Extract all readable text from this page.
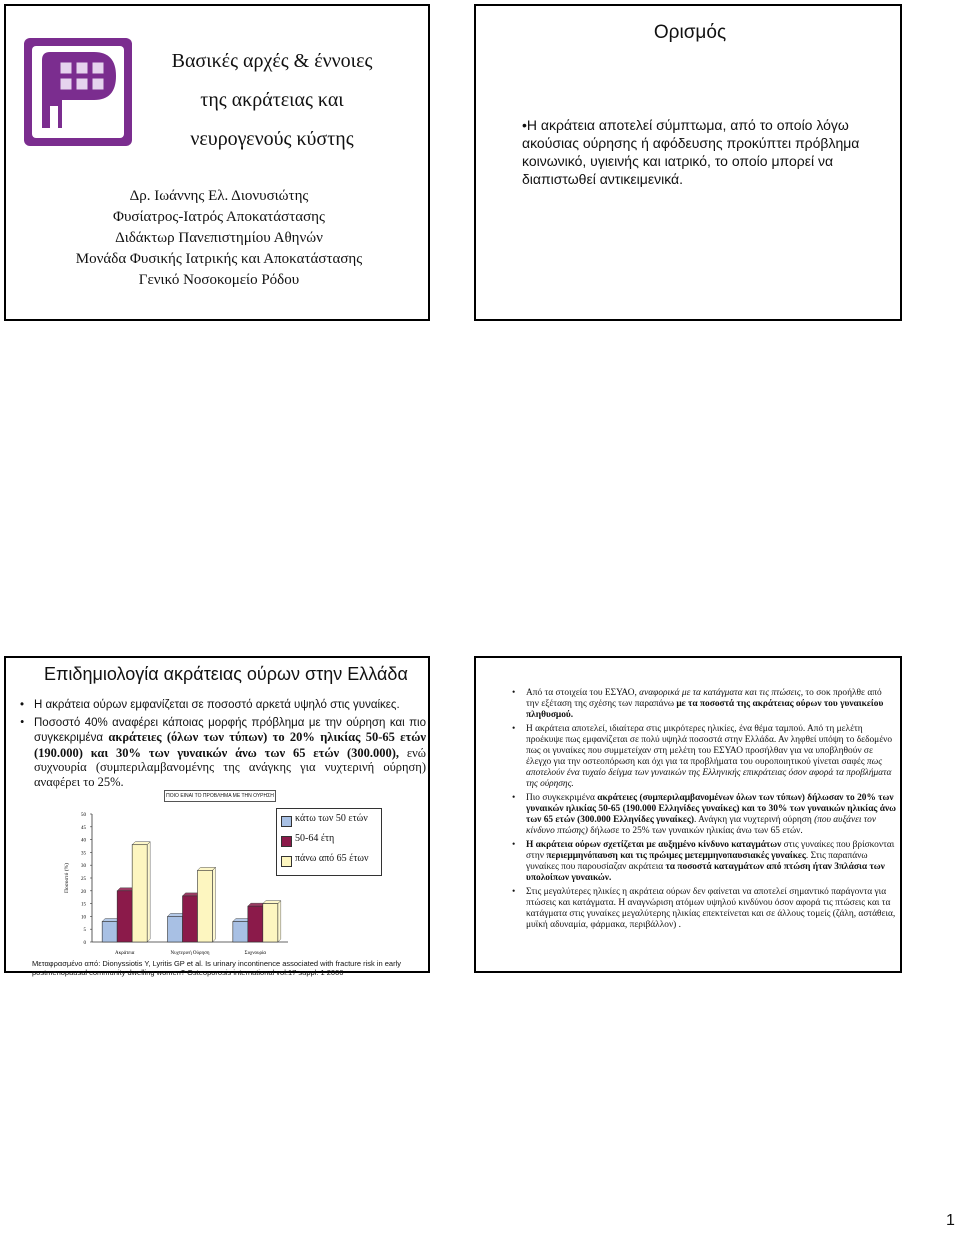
Βασικές αρχές & έννοιες
της ακράτειας και
νευρογενούς κύστης
Δρ. Ιωάννης Ελ. Διονυσιώτης
Φυσίατρος-Ιατρός Αποκατάστασης
Διδάκτωρ Πανεπιστημίου Αθηνών
Μονάδα Φυσικής Ιατρικής και Αποκατάστασης
Γενικό Νοσοκομείο Ρόδου
Ορισμός
•Η ακράτεια αποτελεί σύμπτωμα, από το οποίο λόγω ακούσιας ούρησης ή αφόδευσης προκύπτει πρόβλημα κοινωνικό, υγιεινής και ιατρικό, το οποίο μπορεί να διαπιστωθεί αντικειμενικά.
Επιδημιολογία ακράτειας ούρων στην Ελλάδα
• Η ακράτεια ούρων εμφανίζεται σε ποσοστό αρκετά υψηλό στις γυναίκες.
• Ποσοστό 40% αναφέρει κάποιας μορφής πρόβλημα με την ούρηση και πιο συγκεκριμένα ακράτειες (όλων των τύπων) το 20% ηλικίας 50-65 ετών (190.000) και 30% των γυναικών άνω των 65 ετών (300.000), ενώ συχνουρία (συμπεριλαμβανομένης της ανάγκης για νυχτερινή ούρηση) αναφέρει το 25%.
ΠΟΙΟ ΕΙΝΑΙ ΤΟ ΠΡΟΒΛΗΜΑ ΜΕ ΤΗΝ ΟΥΡΗΣΗ
0
5
10
15
20
25
30
35
40
45
50
Ποσοστό (%)
Ακράτεια	Νυχτερινή Ούρηση	Συχνουρία
κάτω των 50 ετών
50-64 έτη
πάνω από 65 έτων
Μεταφρασμένο από: Dionyssiotis Y, Lyritis GP et al. Is urinary incontinence associated with fracture risk in early postmenopausal community dwelling women? Osteoporosis international vol.17 suppl. 1 2006
• Από τα στοιχεία του ΕΣΥΑΟ, αναφορικά με τα κατάγματα και τις πτώσεις, το σοκ προήλθε από την εξέταση της σχέσης των παραπάνω με τα ποσοστά της ακράτειας ούρων του γυναικείου πληθυσμού.
• Η ακράτεια αποτελεί, ιδιαίτερα στις μικρότερες ηλικίες, ένα θέμα ταμπού. Από τη μελέτη προέκυψε πως εμφανίζεται σε πολύ υψηλά ποσοστά στην Ελλάδα. Αν ληφθεί υπόψη το δεδομένο πως οι γυναίκες που συμμετείχαν στη μελέτη του ΕΣΥΑΟ προσήλθαν για να υποβληθούν σε έλεγχο για την οστεοπόρωση και όχι για τα προβλήματα του ουροποιητικού γίνεται σαφές πως αποτελούν ένα τυχαίο δείγμα των γυναικών της Ελληνικής επικράτειας όσον αφορά τα προβλήματα της ούρησης.
• Πιο συγκεκριμένα ακράτειες (συμπεριλαμβανομένων όλων των τύπων) δήλωσαν το 20% των γυναικών ηλικίας 50-65 (190.000 Ελληνίδες γυναίκες) και το 30% των γυναικών ηλικίας άνω των 65 ετών (300.000 Ελληνίδες γυναίκες). Ανάγκη για νυχτερινή ούρηση (που αυξάνει τον κίνδυνο πτώσης) δήλωσε το 25% των γυναικών ηλικίας άνω των 65 ετών.
• Η ακράτεια ούρων σχετίζεται με αυξημένο κίνδυνο καταγμάτων στις γυναίκες που βρίσκονται στην περιεμμηνόπαυση και τις πρώιμες μετεμμηνοπαυσιακές γυναίκες. Στις παραπάνω γυναίκες που παρουσίαζαν ακράτεια τα ποσοστά καταγμάτων από πτώση ήταν 3πλάσια των υπολοίπων γυναικών.
• Στις μεγαλύτερες ηλικίες η ακράτεια ούρων δεν φαίνεται να αποτελεί σημαντικό παράγοντα για πτώσεις και κατάγματα. Η αναγνώριση ατόμων υψηλού κινδύνου όσον αφορά τις πτώσεις και τα κατάγματα στις γυναίκες μεγαλύτερης ηλικίας επεκτείνεται και σε άλλους τομείς (ζάλη, αστάθεια, μυϊκή αδυναμία, φάρμακα, περιβάλλον) .
1
